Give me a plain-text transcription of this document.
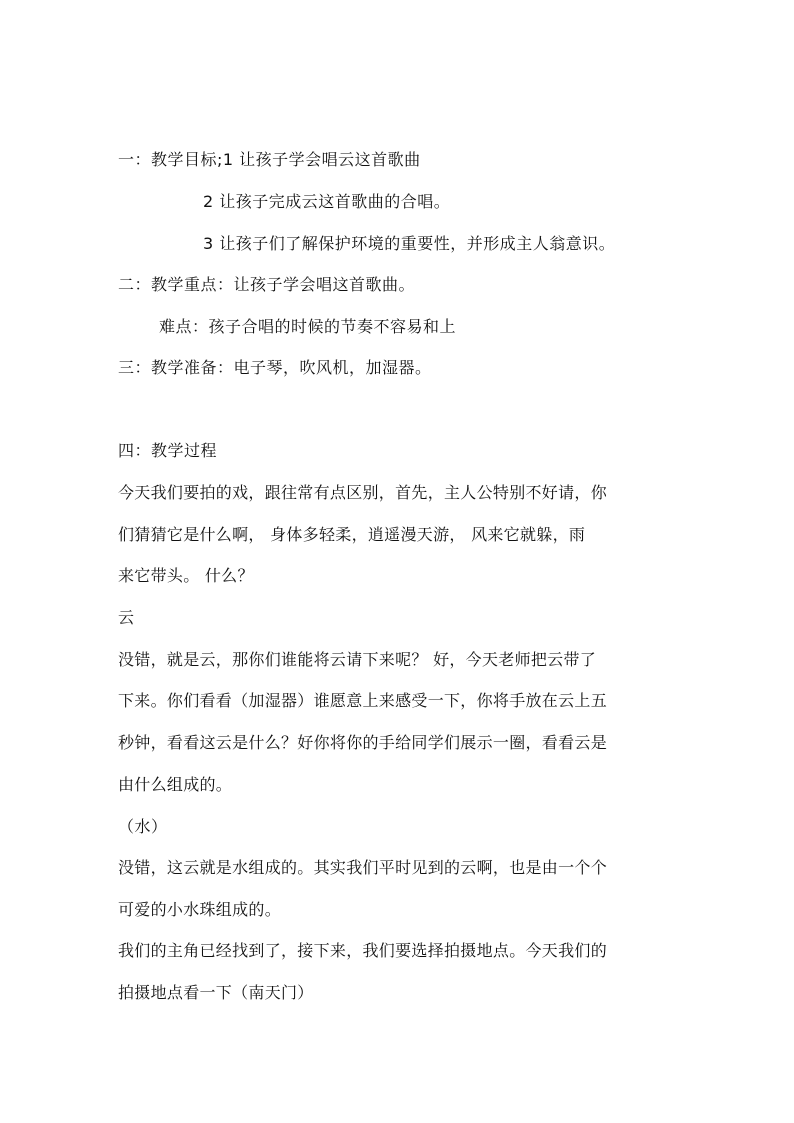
一：教学目标;1 让孩子学会唱云这首歌曲
2 让孩子完成云这首歌曲的合唱。
3 让孩子们了解保护环境的重要性，并形成主人翁意识。
二：教学重点：让孩子学会唱这首歌曲。
难点：孩子合唱的时候的节奏不容易和上
三：教学准备：电子琴，吹风机，加湿器。
四：教学过程
今天我们要拍的戏，跟往常有点区别，首先，主人公特别不好请，你
们猜猜它是什么啊， 身体多轻柔，逍遥漫天游， 风来它就躲，雨
来它带头。 什么？
云
没错，就是云，那你们谁能将云请下来呢？ 好，今天老师把云带了
下来。你们看看（加湿器）谁愿意上来感受一下，你将手放在云上五
秒钟，看看这云是什么？好你将你的手给同学们展示一圈，看看云是
由什么组成的。
（水）
没错，这云就是水组成的。其实我们平时见到的云啊，也是由一个个
可爱的小水珠组成的。
我们的主角已经找到了，接下来，我们要选择拍摄地点。今天我们的
拍摄地点看一下（南天门）
